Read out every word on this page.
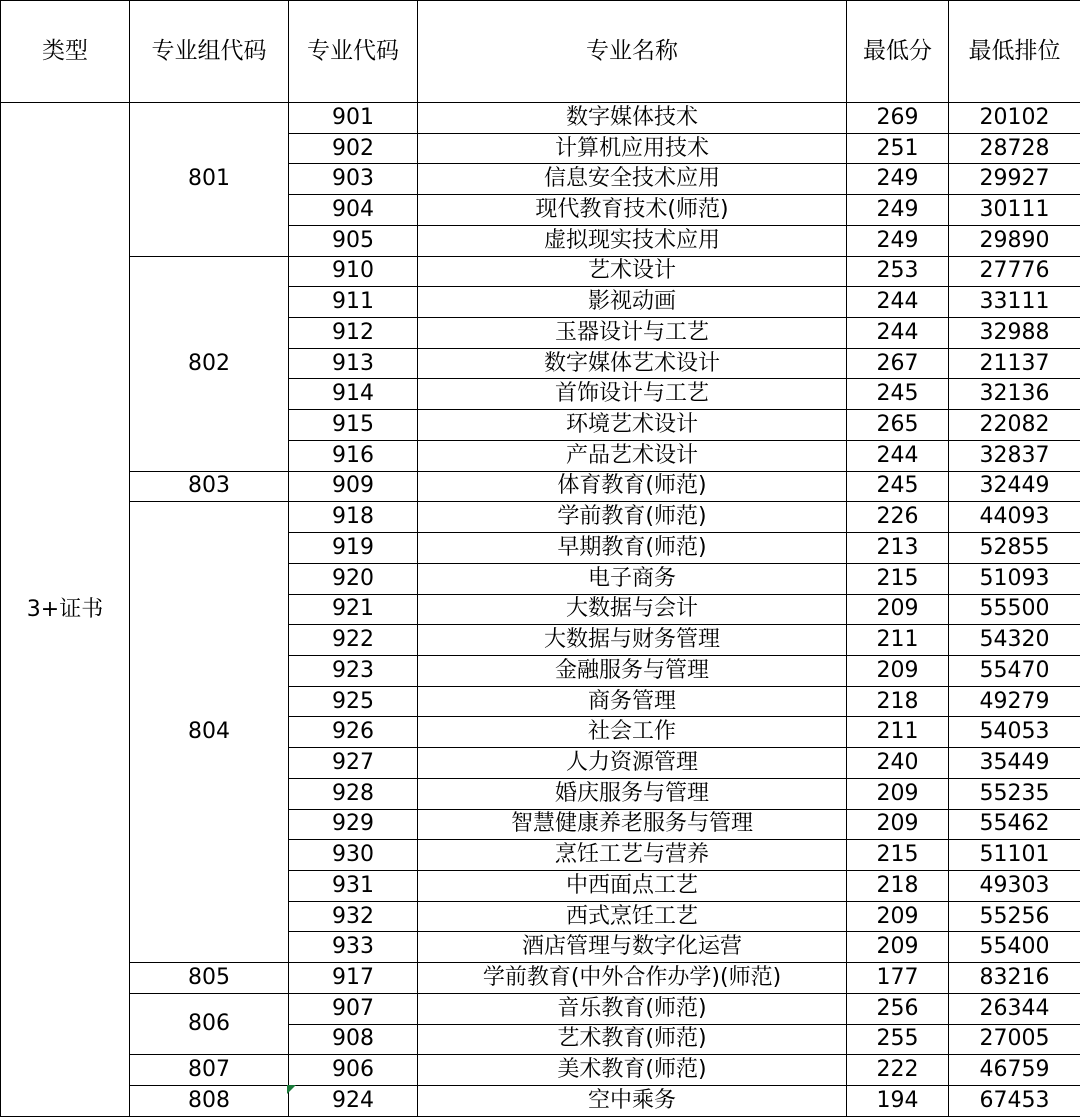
类型	专业组代码	专业代码	专业名称	最低分	最低排位
3+证书	801	901	数字媒体技术	269	20102
		902	计算机应用技术	251	28728
		903	信息安全技术应用	249	29927
		904	现代教育技术(师范)	249	30111
		905	虚拟现实技术应用	249	29890
	802	910	艺术设计	253	27776
		911	影视动画	244	33111
		912	玉器设计与工艺	244	32988
		913	数字媒体艺术设计	267	21137
		914	首饰设计与工艺	245	32136
		915	环境艺术设计	265	22082
		916	产品艺术设计	244	32837
	803	909	体育教育(师范)	245	32449
	804	918	学前教育(师范)	226	44093
		919	早期教育(师范)	213	52855
		920	电子商务	215	51093
		921	大数据与会计	209	55500
		922	大数据与财务管理	211	54320
		923	金融服务与管理	209	55470
		925	商务管理	218	49279
		926	社会工作	211	54053
		927	人力资源管理	240	35449
		928	婚庆服务与管理	209	55235
		929	智慧健康养老服务与管理	209	55462
		930	烹饪工艺与营养	215	51101
		931	中西面点工艺	218	49303
		932	西式烹饪工艺	209	55256
		933	酒店管理与数字化运营	209	55400
	805	917	学前教育(中外合作办学)(师范)	177	83216
	806	907	音乐教育(师范)	256	26344
		908	艺术教育(师范)	255	27005
	807	906	美术教育(师范)	222	46759
	808	924	空中乘务	194	67453
